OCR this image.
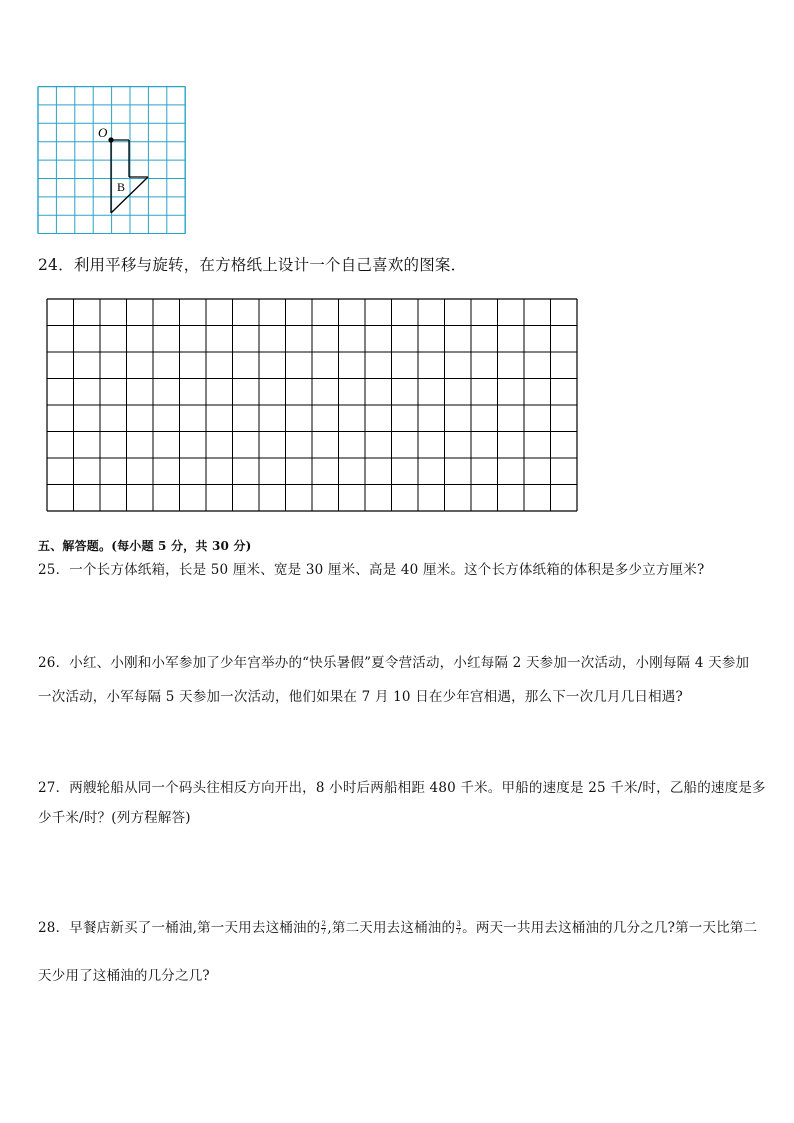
O
B
24．利用平移与旋转，在方格纸上设计一个自己喜欢的图案．
五、解答题。(每小题 5 分，共 30 分)
25．一个长方体纸箱，长是 50 厘米、宽是 30 厘米、高是 40 厘米。这个长方体纸箱的体积是多少立方厘米?
26．小红、小刚和小军参加了少年宫举办的“快乐暑假”夏令营活动，小红每隔 2 天参加一次活动，小刚每隔 4 天参加
一次活动，小军每隔 5 天参加一次活动，他们如果在 7 月 10 日在少年宫相遇，那么下一次几月几日相遇?
27．两艘轮船从同一个码头往相反方向开出，8 小时后两船相距 480 千米。甲船的速度是 25 千米/时，乙船的速度是多
少千米/时？(列方程解答)
28．早餐店新买了一桶油,第一天用去这桶油的 $\frac{2}{7}$ ,第二天用去这桶油的 $\frac{3}{7}$ 。两天一共用去这桶油的几分之几?第一天比第二
天少用了这桶油的几分之几?
